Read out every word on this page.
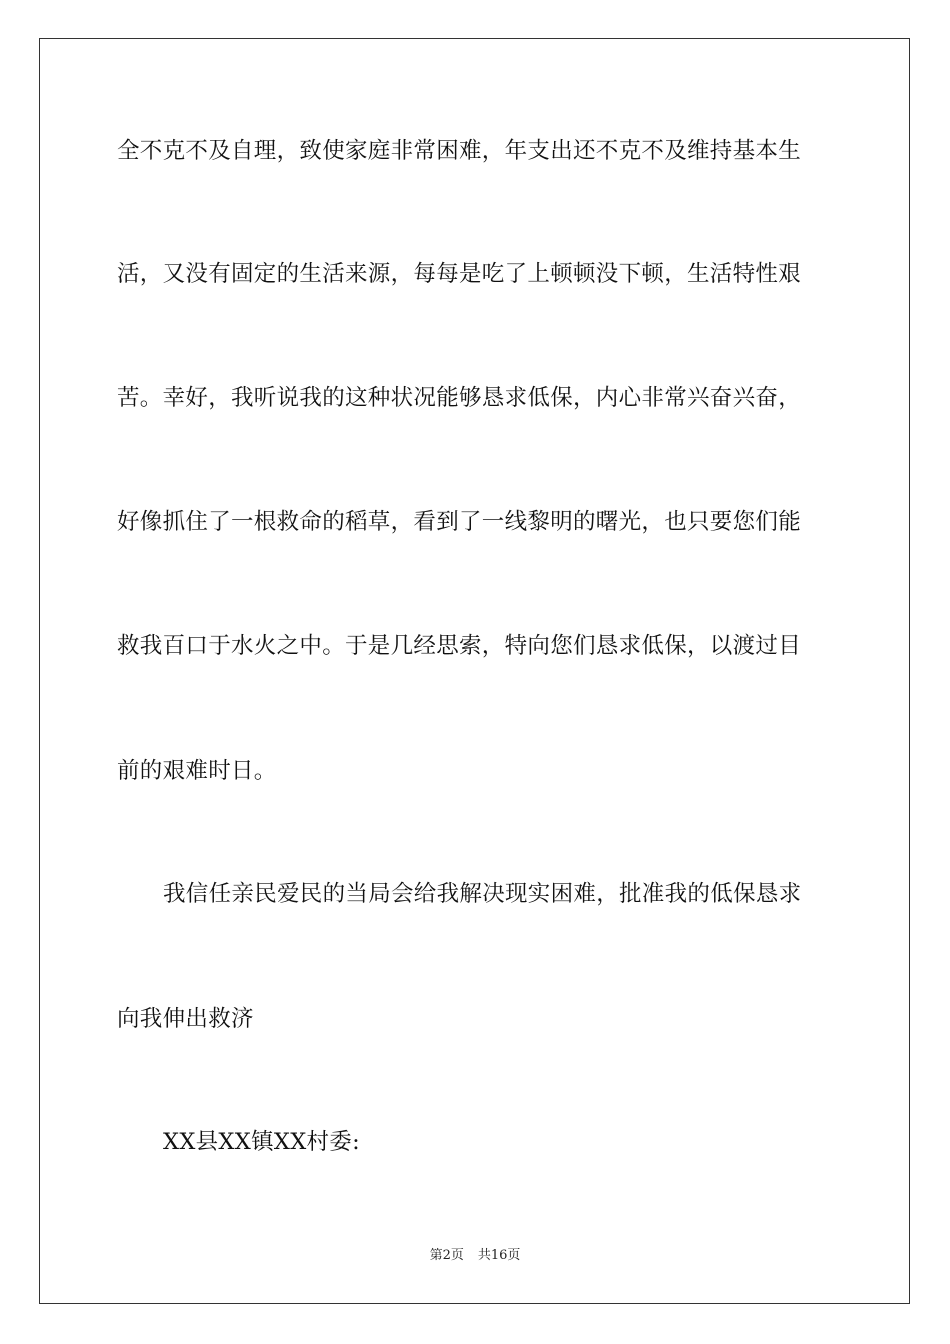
全不克不及自理，致使家庭非常困难，年支出还不克不及维持基本生
活，又没有固定的生活来源，每每是吃了上顿顿没下顿，生活特性艰
苦。幸好，我听说我的这种状况能够恳求低保，内心非常兴奋兴奋，
好像抓住了一根救命的稻草，看到了一线黎明的曙光，也只要您们能
救我百口于水火之中。于是几经思索，特向您们恳求低保，以渡过目
前的艰难时日。
我信任亲民爱民的当局会给我解决现实困难，批准我的低保恳求
向我伸出救济
XX县XX镇XX村委:
第2页 共16页
